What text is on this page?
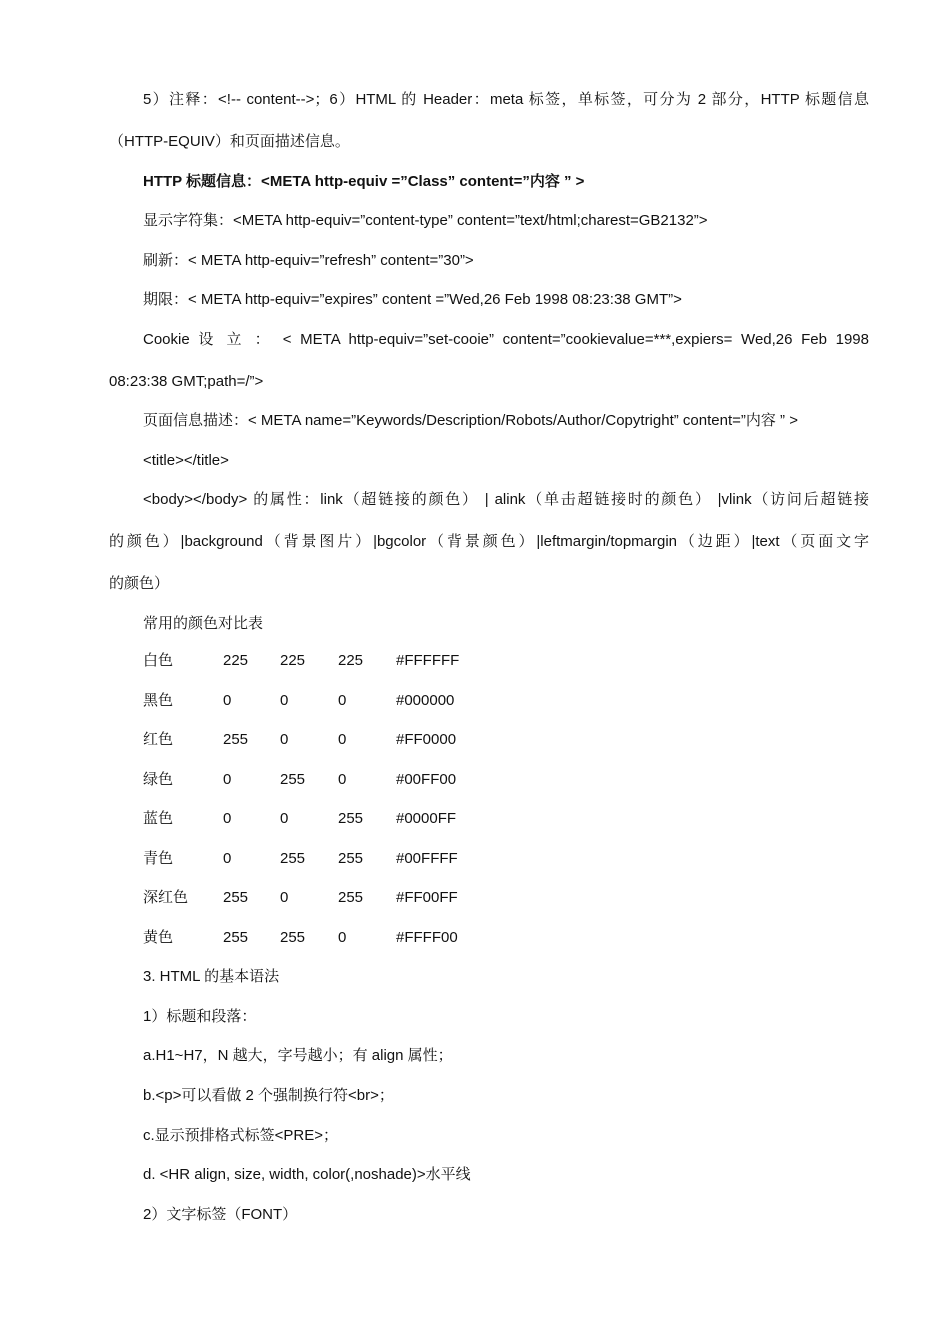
5）注释：<!-- content-->；6）HTML 的 Header：meta 标签，单标签，可分为 2 部分，HTTP 标题信息
（HTTP-EQUIV）和页面描述信息。
HTTP 标题信息：<META http-equiv =”Class” content=”内容 ” >
显示字符集：<META http-equiv=”content-type” content=”text/html;charest=GB2132”>
刷新：< META http-equiv=”refresh” content=”30”>
期限：< META http-equiv=”expires” content =”Wed,26 Feb 1998 08:23:38 GMT”>
Cookie 设 立 ： < META http-equiv=”set-cooie” content=”cookievalue=***,expiers= Wed,26 Feb 1998
08:23:38 GMT;path=/”>
页面信息描述：< META name=”Keywords/Description/Robots/Author/Copytright” content=”内容 ” >
<title></title>
<body></body> 的属性：link（超链接的颜色） | alink（单击超链接时的颜色） |vlink（访问后超链接
的颜色）|background（背景图片）|bgcolor（背景颜色）|leftmargin/topmargin（边距）|text（页面文字
的颜色）
常用的颜色对比表
白色	225 225 225 #FFFFFF
黑色	0	0	0	#000000
红色	255 0	0	#FF0000
绿色	0	255 0	#00FF00
蓝色	0	0	255 #0000FF
青色	0	255 255 #00FFFF
深红色 255 0	255 #FF00FF
黄色	255 255 0	#FFFF00
3. HTML 的基本语法
1）标题和段落：
a.H1~H7，N 越大，字号越小；有 align 属性；
b.<p>可以看做 2 个强制换行符<br>；
c.显示预排格式标签<PRE>；
d. <HR align, size, width, color(,noshade)>水平线
2）文字标签（FONT）
